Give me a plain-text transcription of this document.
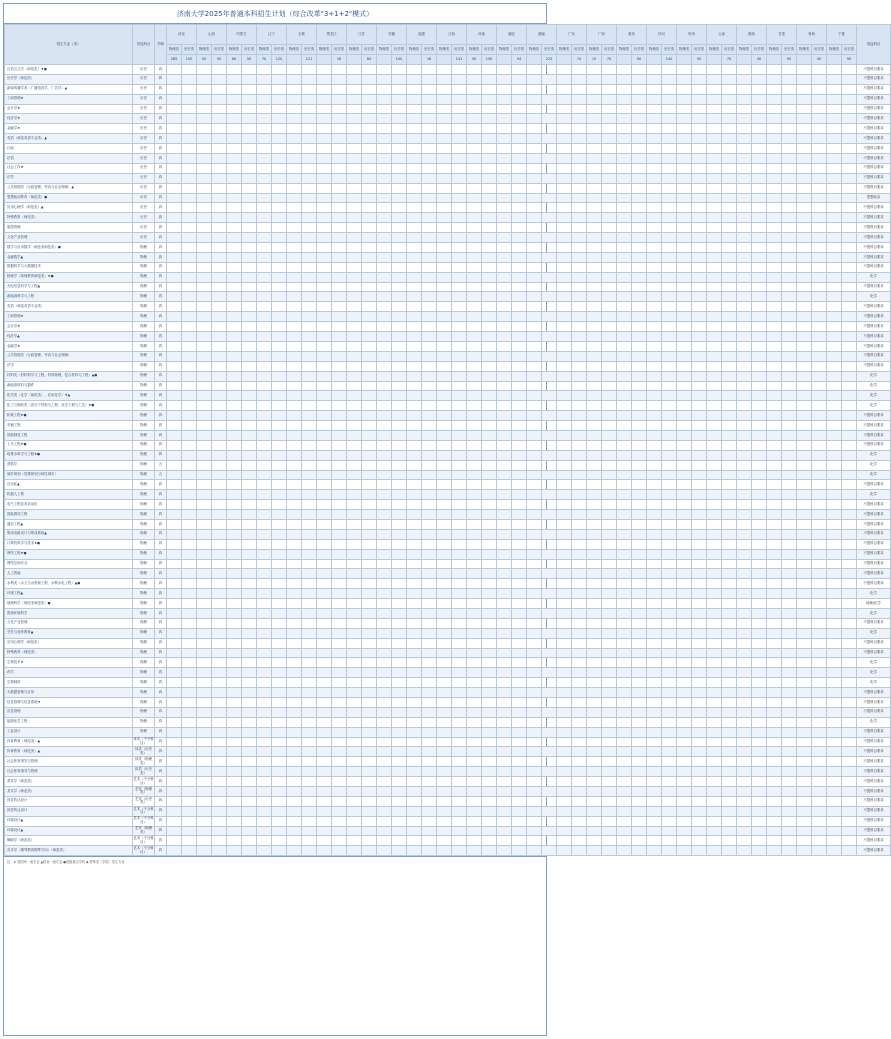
济南大学2025年普通本科招生计划（综合改革"3+1+2"模式）
招生专业（类）	首选科目	学制	河北		山西		内蒙古		辽宁		吉林		黑龙江		江苏		安徽		福建		江西		河南		湖北		湖南		广东		广西		重庆		四川		贵州		云南		陕西		甘肃		青海		宁夏		再选科目
			物理类	历史类	物理类	历史类	物理类	历史类	物理类	历史类	物理类	历史类	物理类	历史类	物理类	历史类	物理类	历史类	物理类	历史类	物理类	历史类	物理类	历史类	物理类	历史类	物理类	历史类	物理类	历史类	物理类	历史类	物理类	历史类	物理类	历史类	物理类	历史类	物理类	历史类	物理类	历史类	物理类	历史类	物理类	历史类	物理类	历史类	
			285	150	45	50	60	50	70	120		121		18		84		100		16		141	30	150		94		220		74	15	70		90		140		50		70		30		90		40		90	
汉语言文学（师范类）★●	历史	四																																															不提科目要求
历史学（师范类）	历史	四																																															不提科目要求
新闻传播学类（广播电视学、广告学）▲	历史	四																																															不提科目要求
工商管理★	历史	四																																															不提科目要求
会计学★	历史	四																																															不提科目要求
经济学★	历史	四																																															不提科目要求
金融学★	历史	四																																															不提科目要求
英语（师范英语专业类）▲	历史	四																																															不提科目要求
行政	历史	四																																															不提科目要求
法语	历史	四																																															不提科目要求
社会工作★	历史	四																																															不提科目要求
法学	历史	四																																															不提科目要求
公共管理类（行政管理、劳动与社会保障）▲	历史	四																																															不提科目要求
思想政治教育（师范类）●	历史	四																																															思想政治
应用心理学（师范类）▲	历史	四																																															不提科目要求
特殊教育（师范类）	历史	四																																															不提科目要求
旅游管理	历史	四																																															不提科目要求
文化产业管理	历史	四																																															不提科目要求
数学与应用数学（师范非师范类）●	物理	四																																															不提科目要求
金融数学▲	物理	四																																															不提科目要求
数据科学与大数据技术	物理	四																																															不提科目要求
物理学（物理教育师范类）★●	物理	四																																															化学
光电信息科学与工程▲	物理	四																																															不提科目要求
新能源科学与工程	物理	四																																															化学
英语（师范英语专业类）	物理	四																																															不提科目要求
工商管理★	物理	四																																															不提科目要求
会计学★	物理	四																																															不提科目要求
经济学▲	物理	四																																															不提科目要求
金融学★	物理	四																																															不提科目要求
公共管理类（行政管理、劳动与社会保障）	物理	四																																															不提科目要求
法学	物理	四																																															不提科目要求
材料类（材料科学与工程、材料物理、复合材料与工程）▲●	物理	四																																															化学
新能源材料与器件	物理	四																																															化学
化学类（化学（师范类）、应用化学）★▲	物理	四																																															化学
化工与制药类（高分子材料与工程、化学工程与工艺）★●	物理	四																																															化学
机械工程★●	物理	四																																															不提科目要求
车辆工程	物理	四																																															不提科目要求
智能制造工程	物理	四																																															不提科目要求
土木工程★●	物理	四																																															不提科目要求
给排水科学与工程★●	物理	四																																															化学
建筑学	物理	五																																															化学
城乡规划（智慧规划与韧性城市）	物理	五																																															化学
自动化▲	物理	四																																															不提科目要求
机器人工程	物理	四																																															化学
电气工程及其自动化	物理	四																																															不提科目要求
智能感知工程	物理	四																																															不提科目要求
通信工程▲	物理	四																																															不提科目要求
集成电路设计与集成系统▲	物理	四																																															不提科目要求
计算机科学与技术★●	物理	四																																															不提科目要求
网络工程★●	物理	四																																															不提科目要求
网络空间安全	物理	四																																															不提科目要求
人工智能	物理	四																																															不提科目要求
水利类（水文与水资源工程、水利水电工程）▲●	物理	四																																															不提科目要求
环境工程▲	物理	四																																															化学
地理科学（师范非师范类）●	物理	四																																															地理/化学
资源环境科学	物理	四																																															化学
文化产业管理	物理	四																																															不提科目要求
烹饪与营养教育▲	物理	四																																															化学
应用心理学（师范类）	物理	四																																															不提科目要求
特殊教育（师范类）	物理	四																																															不提科目要求
生物技术★	物理	四																																															化学
药学	物理	四																																															化学
生物制药	物理	四																																															化学
大数据管理与应用	物理	四																																															不提科目要求
信息管理与信息系统★	物理	四																																															不提科目要求
应急管理	物理	四																																															不提科目要求
能源化学工程	物理	四																																															化学
工业设计	物理	四																																															不提科目要求
体育教育（师范类）▲	体类（不分科目）	四																																															不提科目要求
体育教育（师范类）▲	体类（历史类）	四																																															不提科目要求
社会体育指导与管理	体类（物理类）	四																																															不提科目要求
社会体育指导与管理	体类（历史类）	四																																															不提科目要求
美术学（师范类）	艺术（不分科目）	四																																															不提科目要求
美术学（师范类）	艺术（物理类）	四																																															不提科目要求
视觉传达设计	艺术（历史类）	四																																															不提科目要求
视觉传达设计	艺术（不分科目）	四																																															不提科目要求
环境设计▲	艺术（不分科目）	四																																															不提科目要求
环境设计▲	艺术（物理类）	四																																															不提科目要求
舞蹈学（师范类）	艺术（不分科目）	四																																															不提科目要求
音乐学（钢琴教育钢琴方向）（师范类）	艺术（不分科目）	四																																															不提科目要求
注：★ 校国家一流专业 ▲校省一流专业 ●校级重点学科 ◆ 特殊类（学院）招生专业
